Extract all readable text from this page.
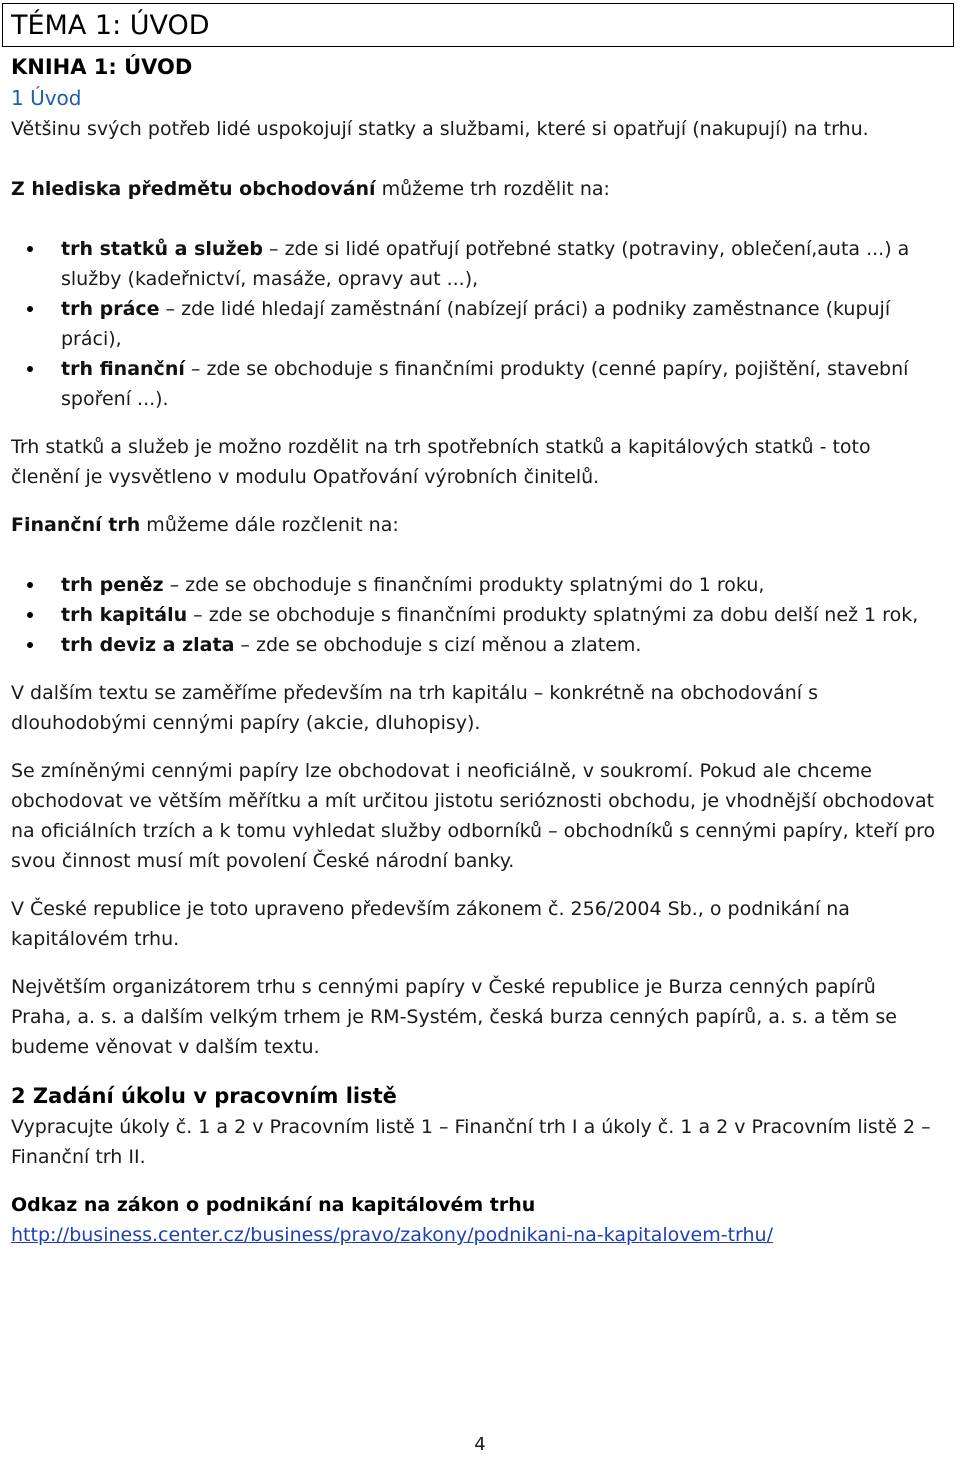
TÉMA 1: ÚVOD
KNIHA 1: ÚVOD
1 Úvod

Většinu svých potřeb lidé uspokojují statky a službami, které si opatřují (nakupují) na trhu.

Z hlediska předmětu obchodování můžeme trh rozdělit na:

trh statků a služeb – zde si lidé opatřují potřebné statky (potraviny, oblečení,auta ...) a služby (kadeřnictví, masáže, opravy aut ...),
trh práce – zde lidé hledají zaměstnání (nabízejí práci) a podniky zaměstnance (kupují práci),
trh finanční – zde se obchoduje s finančními produkty (cenné papíry, pojištění, stavební spoření ...).

Trh statků a služeb je možno rozdělit na trh spotřebních statků a kapitálových statků - toto členění je vysvětleno v modulu Opatřování výrobních činitelů.

Finanční trh můžeme dále rozčlenit na:

trh peněz – zde se obchoduje s finančními produkty splatnými do 1 roku,
trh kapitálu – zde se obchoduje s finančními produkty splatnými za dobu delší než 1 rok,
trh deviz a zlata – zde se obchoduje s cizí měnou a zlatem.

V dalším textu se zaměříme především na trh kapitálu – konkrétně na obchodování s dlouhodobými cennými papíry (akcie, dluhopisy).

Se zmíněnými cennými papíry lze obchodovat i neoficiálně, v soukromí. Pokud ale chceme obchodovat ve větším měřítku a mít určitou jistotu serióznosti obchodu, je vhodnější obchodovat na oficiálních trzích a k tomu vyhledat služby odborníků – obchodníků s cennými papíry, kteří pro svou činnost musí mít povolení České národní banky.

V České republice je toto upraveno především zákonem č. 256/2004 Sb., o podnikání na kapitálovém trhu.

Největším organizátorem trhu s cennými papíry v České republice je Burza cenných papírů Praha, a. s. a dalším velkým trhem je RM-Systém, česká burza cenných papírů, a. s. a těm se budeme věnovat v dalším textu.

2 Zadání úkolu v pracovním listě

Vypracujte úkoly č. 1 a 2 v Pracovním listě 1 – Finanční trh I a úkoly č. 1 a 2 v Pracovním listě 2 – Finanční trh II.

Odkaz na zákon o podnikání na kapitálovém trhu
http://business.center.cz/business/pravo/zakony/podnikani-na-kapitalovem-trhu/
4
